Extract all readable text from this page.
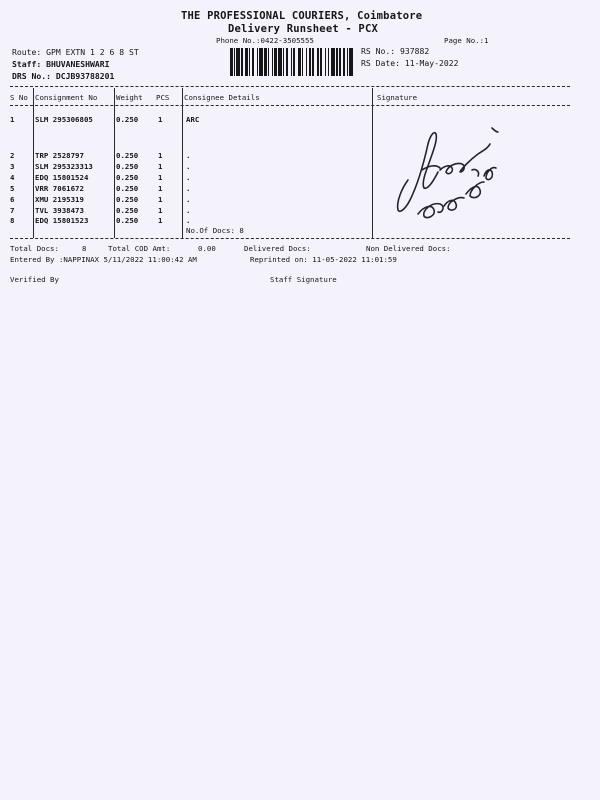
THE PROFESSIONAL COURIERS, Coimbatore
Delivery Runsheet - PCX
Phone No.:0422-3505555	Page No.:1
Route: GPM EXTN 1 2 6 8 ST
Staff: BHUVANESHWARI
DRS No.: DCJB93788201
RS No.: 937882
RS Date: 11-May-2022
S No Consignment No	Weight PCS Consignee Details	Signature
1	SLM 295306805	0.250	1	ARC
2	TRP 2528797	0.250	1	.
3	SLM 295323313	0.250	1	.
4	EDQ 15801524	0.250	1	.
5	VRR 7061672	0.250	1	.
6	XMU 2195319	0.250	1	.
7	TVL 3938473	0.250	1	.
8	EDQ 15801523	0.250	1	.
No.Of Docs: 8
Total Docs:	8	Total COD Amt:	0.00	Delivered Docs:	Non Delivered Docs:
Entered By :NAPPINAX 5/11/2022 11:00:42 AM	Reprinted on: 11-05-2022 11:01:59
Verified By	Staff Signature
